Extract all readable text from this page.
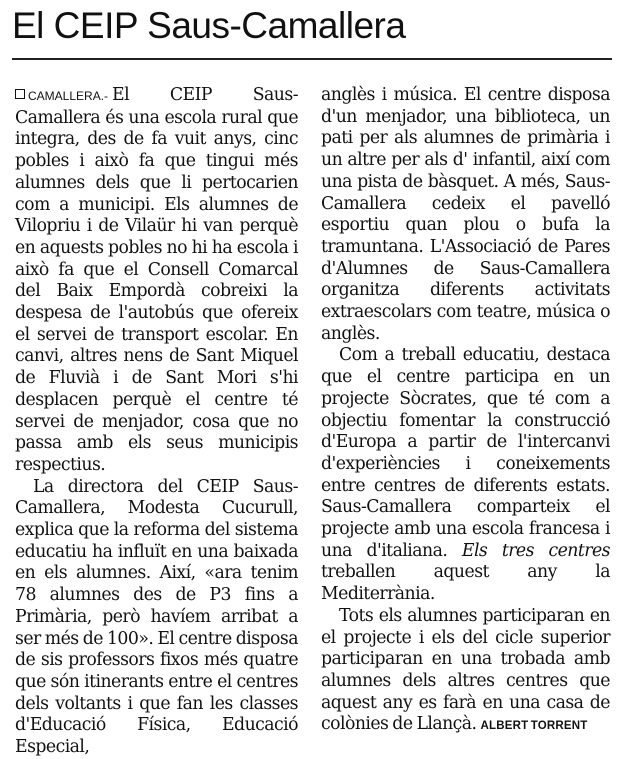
El CEIP Saus-Camallera

CAMALLERA.- El CEIP Saus-Camallera és una escola rural que integra, des de fa vuit anys, cinc pobles i això fa que tingui més alumnes dels que li pertocarien com a municipi. Els alumnes de Vilopriu i de Vilaür hi van perquè en aquests pobles no hi ha escola i això fa que el Consell Comarcal del Baix Empordà cobreixi la despesa de l'autobús que ofereix el servei de transport escolar. En canvi, altres nens de Sant Miquel de Fluvià i de Sant Mori s'hi desplacen perquè el centre té servei de menjador, cosa que no passa amb els seus municipis respectius.

La directora del CEIP Saus-Camallera, Modesta Cucurull, explica que la reforma del sistema educatiu ha influït en una baixada en els alumnes. Així, «ara tenim 78 alumnes des de P3 fins a Primària, però havíem arribat a ser més de 100». El centre disposa de sis professors fixos més quatre que són itinerants entre el centres dels voltants i que fan les classes d'Educació Física, Educació Especial,

anglès i música. El centre disposa d'un menjador, una biblioteca, un pati per als alumnes de primària i un altre per als d' infantil, així com una pista de bàsquet. A més, Saus-Camallera cedeix el pavelló esportiu quan plou o bufa la tramuntana. L'Associació de Pares d'Alumnes de Saus-Camallera organitza diferents activitats extraescolars com teatre, música o anglès.

Com a treball educatiu, destaca que el centre participa en un projecte Sòcrates, que té com a objectiu fomentar la construcció d'Europa a partir de l'intercanvi d'experiències i coneixements entre centres de diferents estats. Saus-Camallera comparteix el projecte amb una escola francesa i una d'italiana. Els tres centres treballen aquest any la Mediterrània.

Tots els alumnes participaran en el projecte i els del cicle superior participaran en una trobada amb alumnes dels altres centres que aquest any es farà en una casa de colònies de Llançà. ALBERT TORRENT
